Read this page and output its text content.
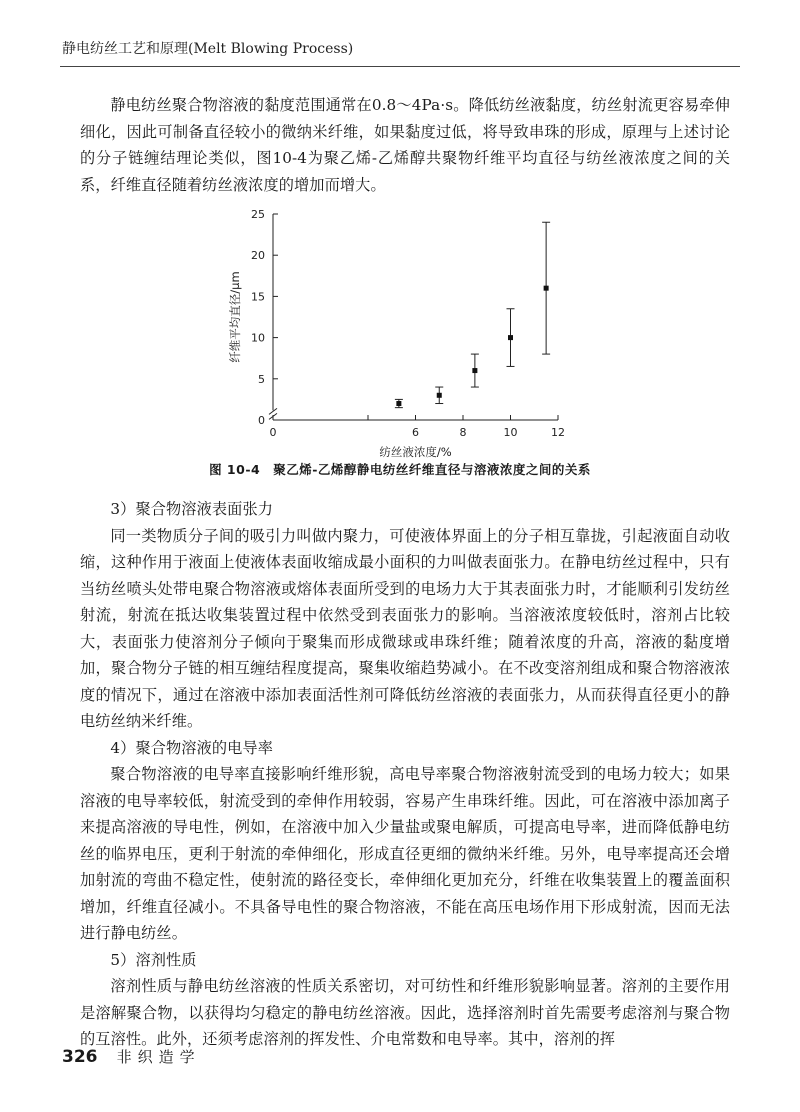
静电纺丝工艺和原理(Melt Blowing Process)

静电纺丝聚合物溶液的黏度范围通常在0.8～4Pa·s。降低纺丝液黏度，纺丝射流更容易牵伸细化，因此可制备直径较小的微纳米纤维，如果黏度过低，将导致串珠的形成，原理与上述讨论的分子链缠结理论类似，图10-4为聚乙烯-乙烯醇共聚物纤维平均直径与纺丝液浓度之间的关系，纤维直径随着纺丝液浓度的增加而增大。

0
5
10
15
20
25
0	6	8	10	12
纺丝液浓度/%
纤维平均直径/μm
图 10-4　聚乙烯-乙烯醇静电纺丝纤维直径与溶液浓度之间的关系

3）聚合物溶液表面张力

同一类物质分子间的吸引力叫做内聚力，可使液体界面上的分子相互靠拢，引起液面自动收缩，这种作用于液面上使液体表面收缩成最小面积的力叫做表面张力。在静电纺丝过程中，只有当纺丝喷头处带电聚合物溶液或熔体表面所受到的电场力大于其表面张力时，才能顺利引发纺丝射流，射流在抵达收集装置过程中依然受到表面张力的影响。当溶液浓度较低时，溶剂占比较大，表面张力使溶剂分子倾向于聚集而形成微球或串珠纤维；随着浓度的升高，溶液的黏度增加，聚合物分子链的相互缠结程度提高，聚集收缩趋势减小。在不改变溶剂组成和聚合物溶液浓度的情况下，通过在溶液中添加表面活性剂可降低纺丝溶液的表面张力，从而获得直径更小的静电纺丝纳米纤维。

4）聚合物溶液的电导率

聚合物溶液的电导率直接影响纤维形貌，高电导率聚合物溶液射流受到的电场力较大；如果溶液的电导率较低，射流受到的牵伸作用较弱，容易产生串珠纤维。因此，可在溶液中添加离子来提高溶液的导电性，例如，在溶液中加入少量盐或聚电解质，可提高电导率，进而降低静电纺丝的临界电压，更利于射流的牵伸细化，形成直径更细的微纳米纤维。另外，电导率提高还会增加射流的弯曲不稳定性，使射流的路径变长，牵伸细化更加充分，纤维在收集装置上的覆盖面积增加，纤维直径减小。不具备导电性的聚合物溶液，不能在高压电场作用下形成射流，因而无法进行静电纺丝。

5）溶剂性质

溶剂性质与静电纺丝溶液的性质关系密切，对可纺性和纤维形貌影响显著。溶剂的主要作用是溶解聚合物，以获得均匀稳定的静电纺丝溶液。因此，选择溶剂时首先需要考虑溶剂与聚合物的互溶性。此外，还须考虑溶剂的挥发性、介电常数和电导率。其中，溶剂的挥

326 非织造学
